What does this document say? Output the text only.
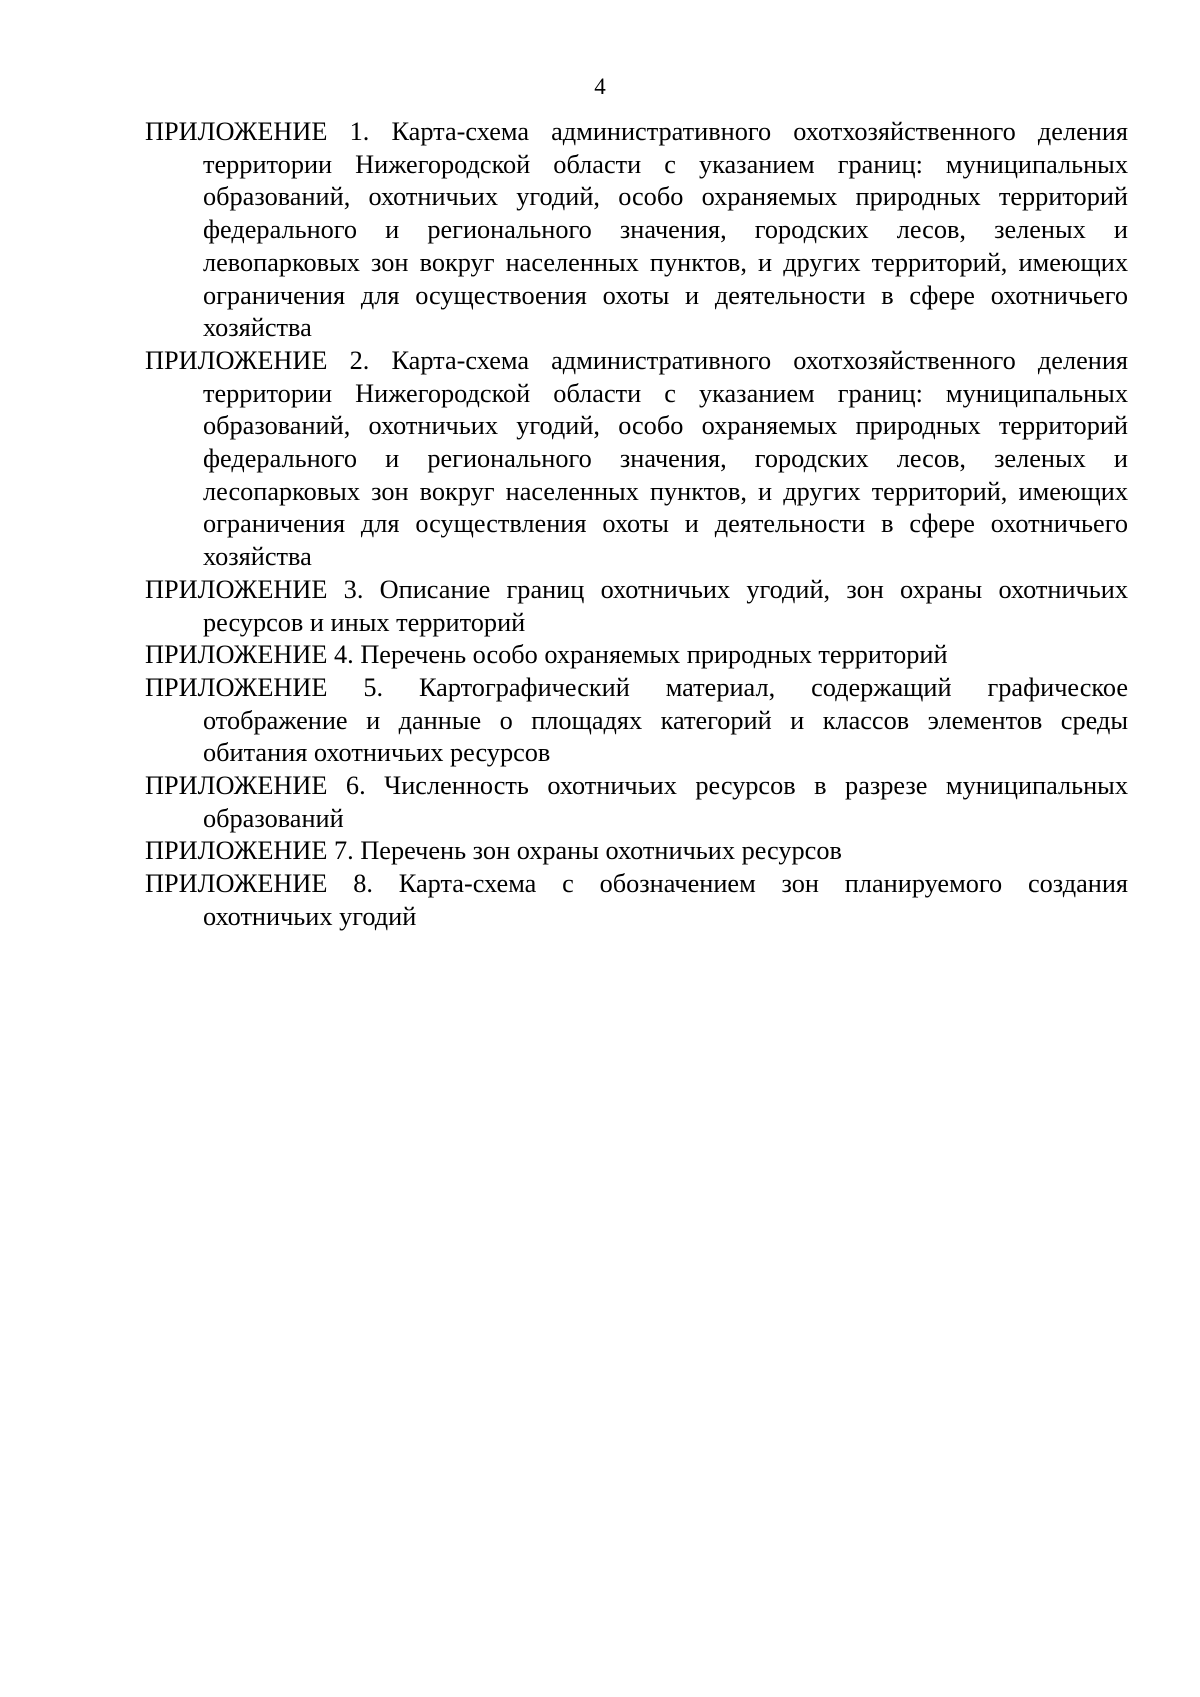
4
ПРИЛОЖЕНИЕ 1. Карта-схема административного охотхозяйственного деления территории Нижегородской области с указанием границ: муниципальных образований, охотничьих угодий, особо охраняемых природных территорий федерального и регионального значения, городских лесов, зеленых и левопарковых зон вокруг населенных пунктов, и других территорий, имеющих ограничения для осуществоения охоты и деятельности в сфере охотничьего хозяйства
ПРИЛОЖЕНИЕ 2. Карта-схема административного охотхозяйственного деления территории Нижегородской области с указанием границ: муниципальных образований, охотничьих угодий, особо охраняемых природных территорий федерального и регионального значения, городских лесов, зеленых и лесопарковых зон вокруг населенных пунктов, и других территорий, имеющих ограничения для осуществления охоты и деятельности в сфере охотничьего хозяйства
ПРИЛОЖЕНИЕ 3. Описание границ охотничьих угодий, зон охраны охотничьих ресурсов и иных территорий
ПРИЛОЖЕНИЕ 4. Перечень особо охраняемых природных территорий
ПРИЛОЖЕНИЕ 5. Картографический материал, содержащий графическое отображение и данные о площадях категорий и классов элементов среды обитания охотничьих ресурсов
ПРИЛОЖЕНИЕ 6. Численность охотничьих ресурсов в разрезе муниципальных образований
ПРИЛОЖЕНИЕ 7. Перечень зон охраны охотничьих ресурсов
ПРИЛОЖЕНИЕ 8. Карта-схема с обозначением зон планируемого создания охотничьих угодий
